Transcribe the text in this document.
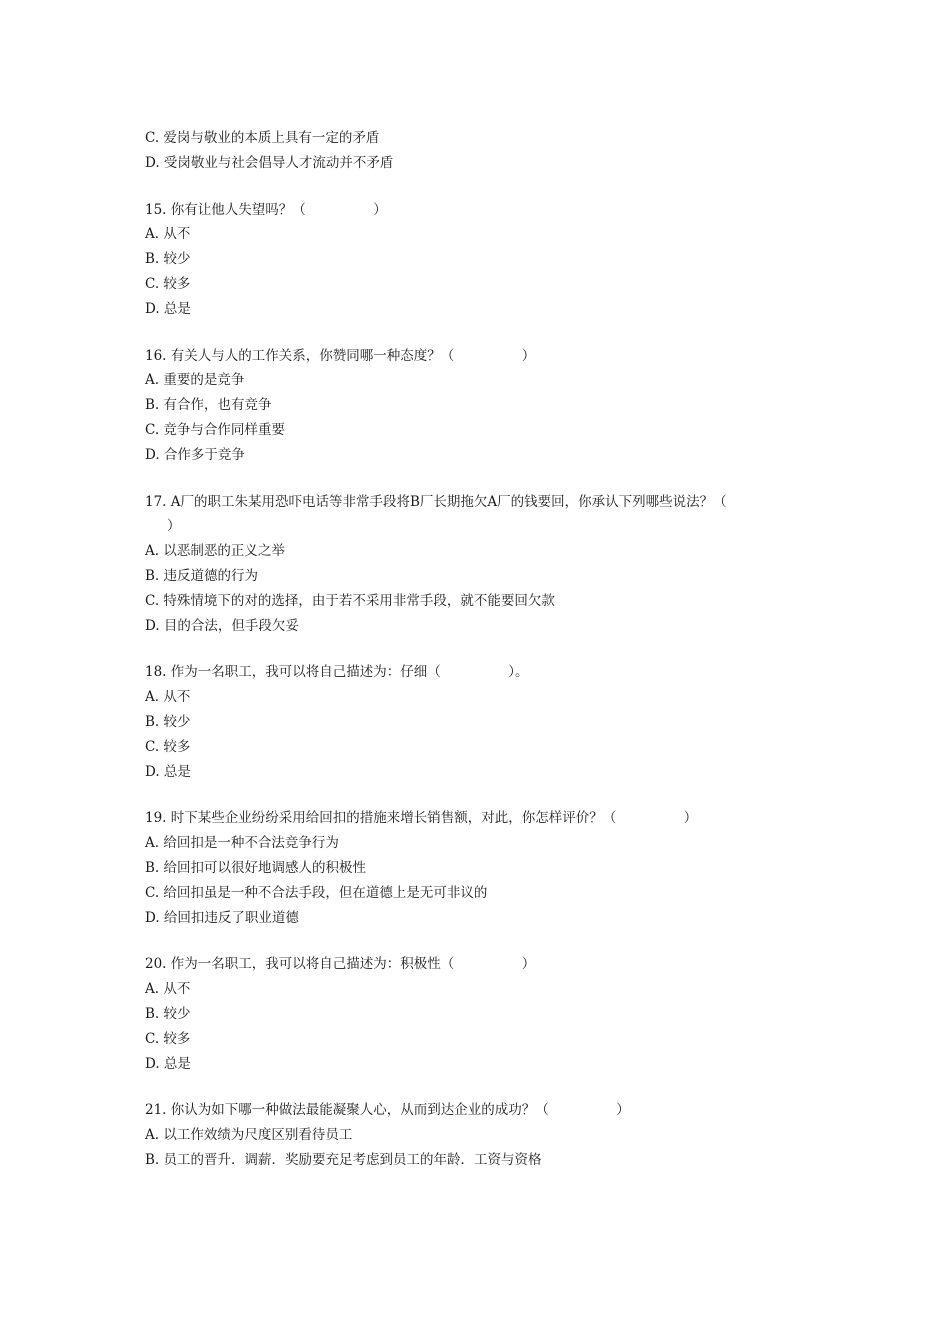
C. 爱岗与敬业的本质上具有一定的矛盾
D. 受岗敬业与社会倡导人才流动并不矛盾
15. 你有让他人失望吗？（　　　　　）
A. 从不
B. 较少
C. 较多
D. 总是
16. 有关人与人的工作关系，你赞同哪一种态度？（　　　　　）
A. 重要的是竞争
B. 有合作，也有竞争
C. 竞争与合作同样重要
D. 合作多于竞争
17. A厂的职工朱某用恐吓电话等非常手段将B厂长期拖欠A厂的钱要回，你承认下列哪些说法？（
）
A. 以恶制恶的正义之举
B. 违反道德的行为
C. 特殊情境下的对的选择，由于若不采用非常手段，就不能要回欠款
D. 目的合法，但手段欠妥
18. 作为一名职工，我可以将自己描述为：仔细（　　　　　）。
A. 从不
B. 较少
C. 较多
D. 总是
19. 时下某些企业纷纷采用给回扣的措施来增长销售额，对此，你怎样评价？（　　　　　）
A. 给回扣是一种不合法竞争行为
B. 给回扣可以很好地调感人的积极性
C. 给回扣虽是一种不合法手段，但在道德上是无可非议的
D. 给回扣违反了职业道德
20. 作为一名职工，我可以将自己描述为：积极性（　　　　　）
A. 从不
B. 较少
C. 较多
D. 总是
21. 你认为如下哪一种做法最能凝聚人心，从而到达企业的成功？（　　　　　）
A. 以工作效绩为尺度区别看待员工
B. 员工的晋升．调薪．奖励要充足考虑到员工的年龄．工资与资格
